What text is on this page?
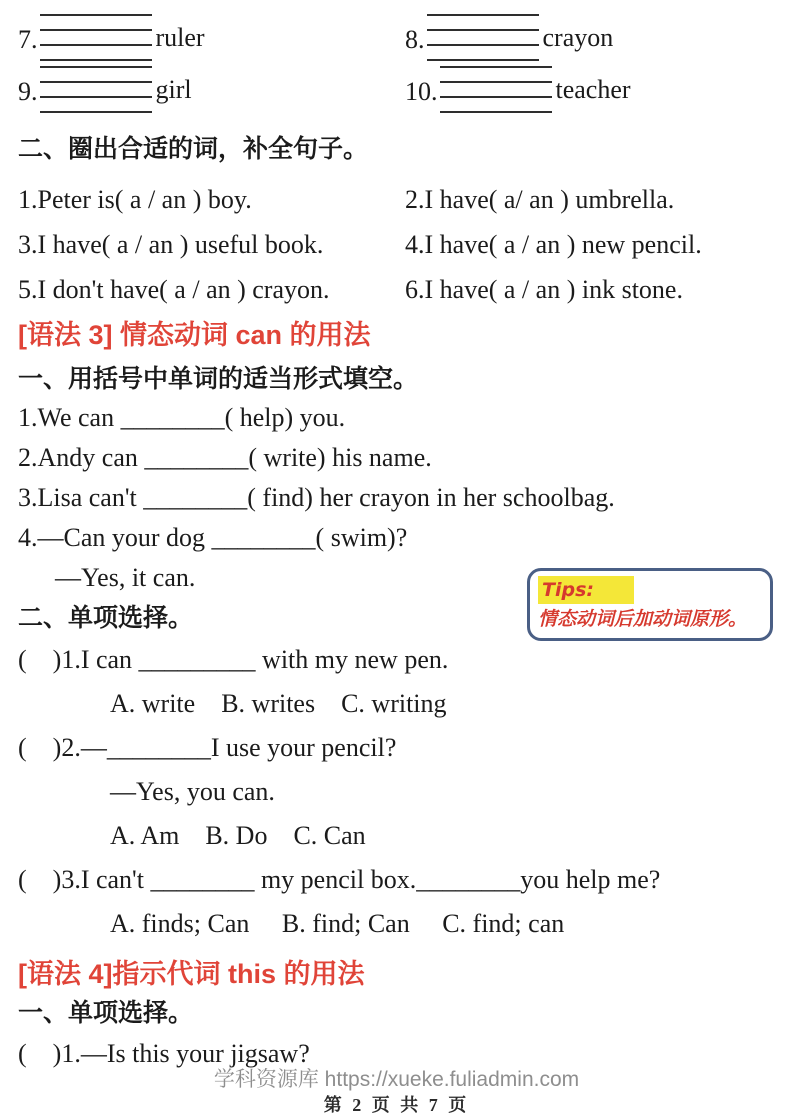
7.	ruler	8.	crayon
9.	girl	10.	teacher
二、圈出合适的词，补全句子。
1.Peter is( a / an ) boy.	2.I have( a/ an ) umbrella.
3.I have( a / an ) useful book.	4.I have( a / an ) new pencil.
5.I don't have( a / an ) crayon.	6.I have( a / an ) ink stone.
[语法 3] 情态动词 can 的用法
一、用括号中单词的适当形式填空。
1.We can ________( help) you.
2.Andy can ________( write) his name.
3.Lisa can't ________( find) her crayon in her schoolbag.
4.—Can your dog ________( swim)?
—Yes, it can.
二、单项选择。
Tips:
情态动词后加动词原形。
(    )1.I can _________ with my new pen.
A. write    B. writes    C. writing
(    )2.—________I use your pencil?
—Yes, you can.
A. Am    B. Do    C. Can
(    )3.I can't ________ my pencil box.________you help me?
A. finds; Can     B. find; Can     C. find; can
[语法 4]指示代词 this 的用法
一、单项选择。
(    )1.—Is this your jigsaw?
学科资源库 https://xueke.fuliadmin.com
第 2 页 共 7 页
